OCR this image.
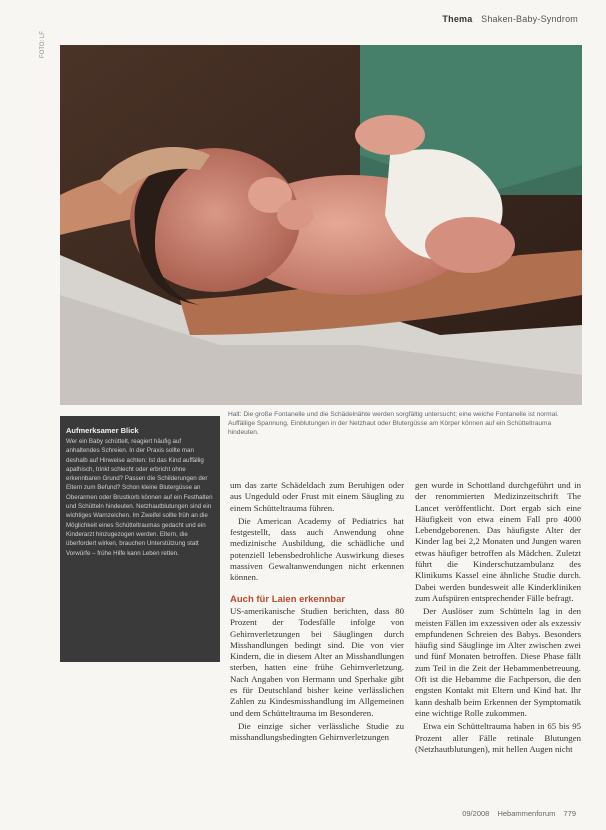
Thema Shaken-Baby-Syndrom
FOTO: LF
Halt: Die große Fontanelle und die Schädelnähte werden sorgfältig untersucht; eine weiche Fontanelle ist normal. Auffällige Spannung, Einblutungen in der Netzhaut oder Blutergüsse am Körper können auf ein Schütteltrauma hindeuten.
Aufmerksamer Blick

Wer ein Baby schüttelt, reagiert häufig auf anhaltendes Schreien. In der Praxis sollte man deshalb auf Hinweise achten: Ist das Kind auffällig apathisch, trinkt schlecht oder erbricht ohne erkennbaren Grund? Passen die Schilderungen der Eltern zum Befund? Schon kleine Blutergüsse an Oberarmen oder Brustkorb können auf ein Festhalten und Schütteln hindeuten. Netzhautblutungen sind ein wichtiges Warnzeichen. Im Zweifel sollte früh an die Möglichkeit eines Schütteltraumas gedacht und ein Kinderarzt hinzugezogen werden. Eltern, die überfordert wirken, brauchen Unterstützung statt Vorwürfe – frühe Hilfe kann Leben retten.

um das zarte Schädeldach zum Beruhigen oder aus Ungeduld oder Frust mit einem Säugling zu einem Schütteltrauma führen.

Die American Academy of Pediatrics hat festgestellt, dass auch Anwendung ohne medizinische Ausbildung, die schädliche und potenziell lebensbedrohliche Auswirkung dieses massiven Gewaltanwendungen nicht erkennen können.

Auch für Laien erkennbar

US-amerikanische Studien berichten, dass 80 Prozent der Todesfälle infolge von Gehirnverletzungen bei Säuglingen durch Misshandlungen bedingt sind. Die von vier Kindern, die in diesem Alter an Misshandlungen sterben, hatten eine frühe Gehirnverletzung. Nach Angaben von Hermann und Sperhake gibt es für Deutschland bisher keine verlässlichen Zahlen zu Kindesmisshandlung im Allgemeinen und dem Schütteltrauma im Besonderen.

Die einzige sicher verlässliche Studie zu misshandlungsbedingten Gehirnverletzungen

gen wurde in Schottland durchgeführt und in der renommierten Medizinzeitschrift The Lancet veröffentlicht. Dort ergab sich eine Häufigkeit von etwa einem Fall pro 4000 Lebendgeborenen. Das häufigste Alter der Kinder lag bei 2,2 Monaten und Jungen waren etwas häufiger betroffen als Mädchen. Zuletzt führt die Kinderschutzambulanz des Klinikums Kassel eine ähnliche Studie durch. Dabei werden bundesweit alle Kinderkliniken zum Aufspüren entsprechender Fälle befragt.

Der Auslöser zum Schütteln lag in den meisten Fällen im exzessiven oder als exzessiv empfundenen Schreien des Babys. Besonders häufig sind Säuglinge im Alter zwischen zwei und fünf Monaten betroffen. Diese Phase fällt zum Teil in die Zeit der Hebammenbetreuung. Oft ist die Hebamme die Fachperson, die den engsten Kontakt mit Eltern und Kind hat. Ihr kann deshalb beim Erkennen der Symptomatik eine wichtige Rolle zukommen.

Etwa ein Schütteltrauma haben in 65 bis 95 Prozent aller Fälle retinale Blutungen (Netzhautblutungen), mit hellen Augen nicht

09/2008 Hebammenforum 779
